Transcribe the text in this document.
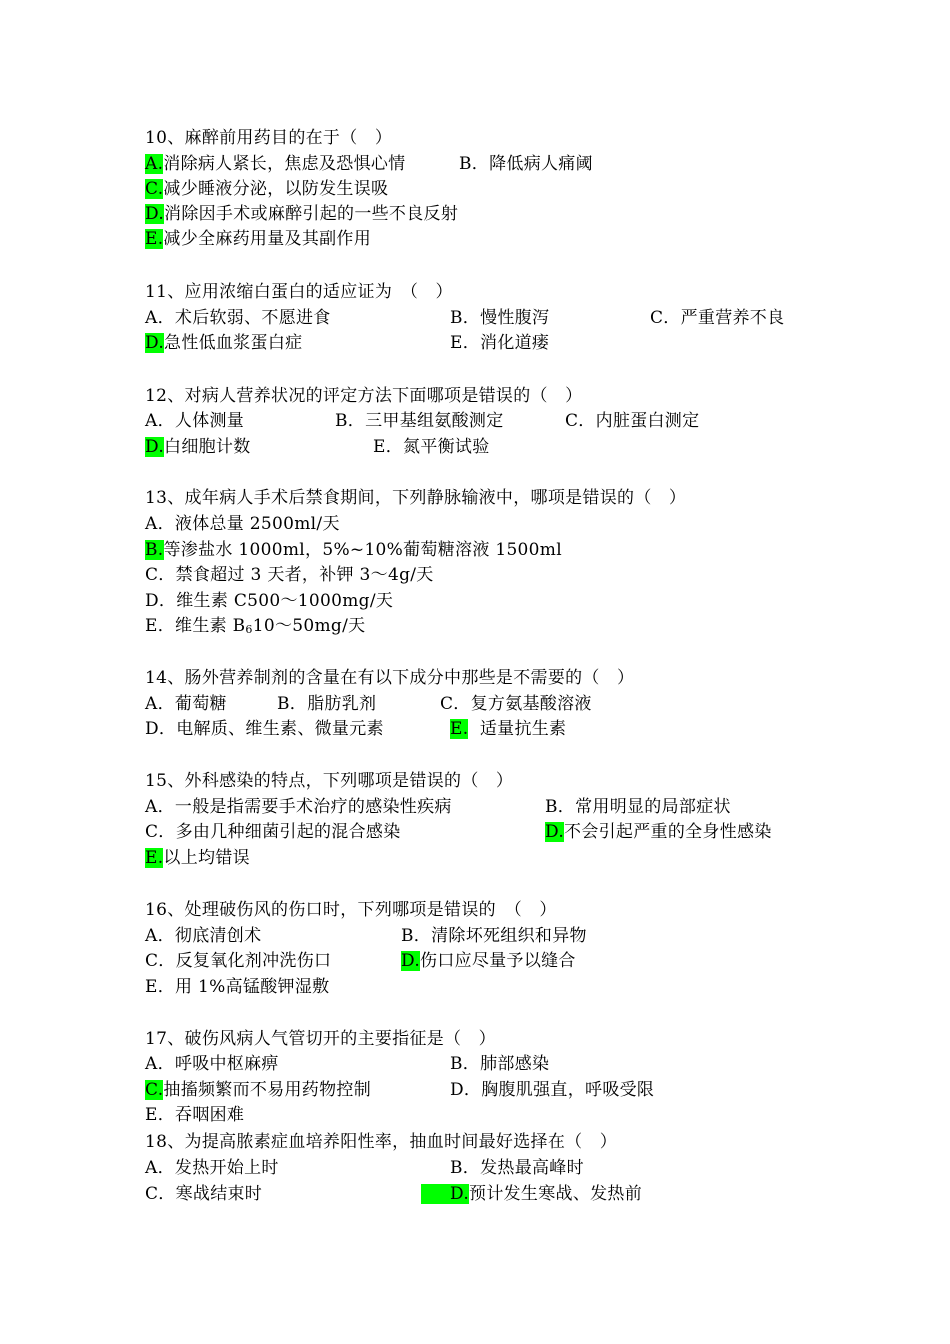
10、麻醉前用药目的在于（　）

A.消除病人紧长，焦虑及恐惧心情

	B．降低病人痛阈

C.减少睡液分泌，以防发生误吸

D.消除因手术或麻醉引起的一些不良反射

E.减少全麻药用量及其副作用

11、应用浓缩白蛋白的适应证为　（　）

A．术后软弱、不愿进食

	B．慢性腹泻

	C．严重营养不良

D.急性低血浆蛋白症

	E．消化道瘘

12、对病人营养状况的评定方法下面哪项是错误的（　）

A．人体测量

	B．三甲基组氨酸测定

	C．内脏蛋白测定

D.白细胞计数

	E．氮平衡试验

13、成年病人手术后禁食期间，下列静脉输液中，哪项是错误的（　）

A．液体总量 2500ml/天

B.等渗盐水 1000ml，5%~10%葡萄糖溶液 1500ml

C．禁食超过 3 天者，补钾 3～4g/天

D．维生素 C500～1000mg/天

E．维生素 $B_610\sim 50mg/$天

14、肠外营养制剂的含量在有以下成分中那些是不需要的（　）

A．葡萄糖

	B．脂肪乳剂

	C．复方氨基酸溶液

D．电解质、维生素、微量元素

	E. 适量抗生素

15、外科感染的特点，下列哪项是错误的（　）

A．一般是指需要手术治疗的感染性疾病

	B．常用明显的局部症状

C．多由几种细菌引起的混合感染

	D.不会引起严重的全身性感染

E.以上均错误

16、处理破伤风的伤口时，下列哪项是错误的　（　）

A．彻底清创术

	B．清除坏死组织和异物

C．反复氧化剂冲洗伤口

	D.伤口应尽量予以缝合

E．用 1%高锰酸钾湿敷

17、破伤风病人气管切开的主要指征是（　）

A．呼吸中枢麻痹

	B．肺部感染

C.抽搐频繁而不易用药物控制

	D．胸腹肌强直，呼吸受限

E．吞咽困难

18、为提高脓素症血培养阳性率，抽血时间最好选择在（　）

A．发热开始上时

	B．发热最高峰时

C．寒战结束时

	D.预计发生寒战、发热前
